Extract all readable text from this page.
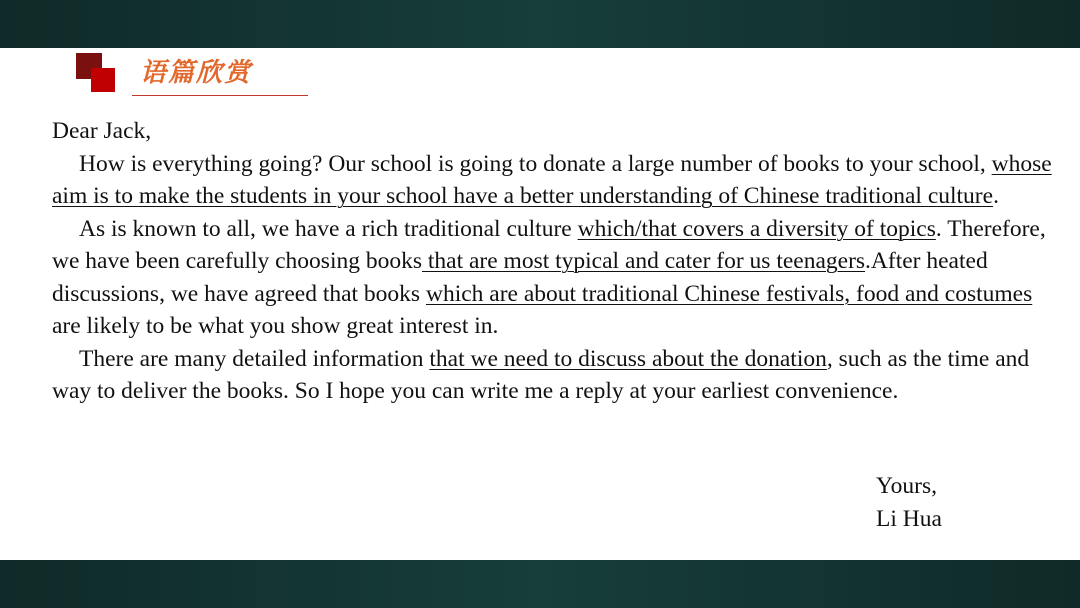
语篇欣赏

Dear Jack,

How is everything going? Our school is going to donate a large number of books to your school, whose aim is to make the students in your school have a better understanding of Chinese traditional culture.

As is known to all, we have a rich traditional culture which/that covers a diversity of topics. Therefore, we have been carefully choosing books that are most typical and cater for us teenagers.After heated discussions, we have agreed that books which are about traditional Chinese festivals, food and costumes are likely to be what you show great interest in.

There are many detailed information that we need to discuss about the donation, such as the time and way to deliver the books. So I hope you can write me a reply at your earliest convenience.

Yours,
Li Hua
